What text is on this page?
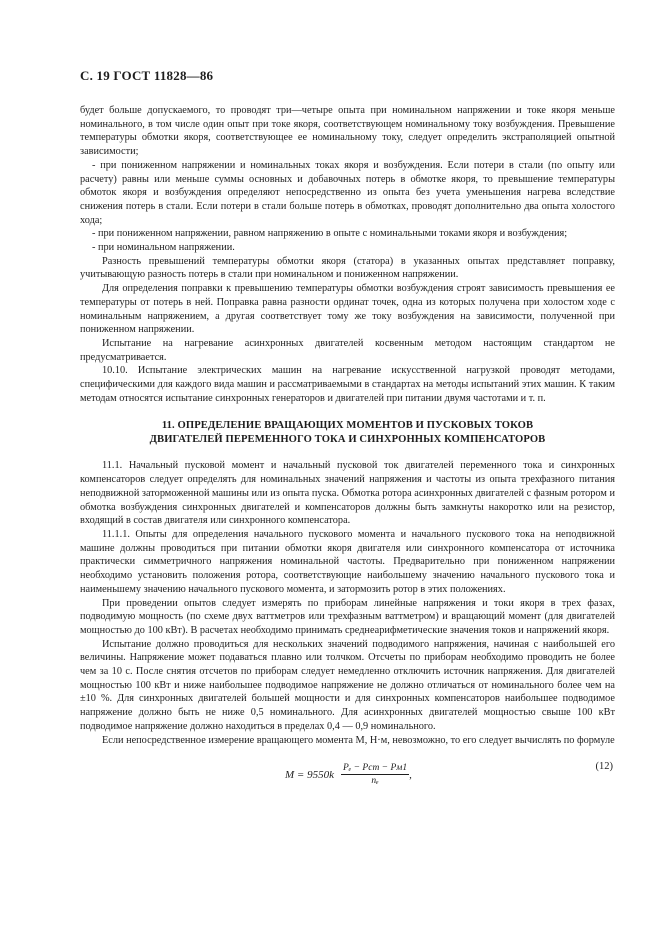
С. 19 ГОСТ 11828—86

будет больше допускаемого, то проводят три—четыре опыта при номинальном напряжении и токе якоря меньше номинального, в том числе один опыт при токе якоря, соответствующем номинальному току возбуждения. Превышение температуры обмотки якоря, соответствующее ее номинальному току, следует определить экстраполяцией опытной зависимости;

- при пониженном напряжении и номинальных токах якоря и возбуждения. Если потери в стали (по опыту или расчету) равны или меньше суммы основных и добавочных потерь в обмотке якоря, то превышение температуры обмоток якоря и возбуждения определяют непосредственно из опыта без учета уменьшения нагрева вследствие снижения потерь в стали. Если потери в стали больше потерь в обмотках, проводят дополнительно два опыта холостого хода;

- при пониженном напряжении, равном напряжению в опыте с номинальными токами якоря и возбуждения;

- при номинальном напряжении.

Разность превышений температуры обмотки якоря (статора) в указанных опытах представляет поправку, учитывающую разность потерь в стали при номинальном и пониженном напряжении.

Для определения поправки к превышению температуры обмотки возбуждения строят зависимость превышения ее температуры от потерь в ней. Поправка равна разности ординат точек, одна из которых получена при холостом ходе с номинальным напряжением, а другая соответствует тому же току возбуждения на зависимости, полученной при пониженном напряжении.

Испытание на нагревание асинхронных двигателей косвенным методом настоящим стандартом не предусматривается.

10.10. Испытание электрических машин на нагревание искусственной нагрузкой проводят методами, специфическими для каждого вида машин и рассматриваемыми в стандартах на методы испытаний этих машин. К таким методам относятся испытание синхронных генераторов и двигателей при питании двумя частотами и т. п.

11. ОПРЕДЕЛЕНИЕ ВРАЩАЮЩИХ МОМЕНТОВ И ПУСКОВЫХ ТОКОВ
ДВИГАТЕЛЕЙ ПЕРЕМЕННОГО ТОКА И СИНХРОННЫХ КОМПЕНСАТОРОВ

11.1. Начальный пусковой момент и начальный пусковой ток двигателей переменного тока и синхронных компенсаторов следует определять для номинальных значений напряжения и частоты из опыта трехфазного питания неподвижной заторможенной машины или из опыта пуска. Обмотка ротора асинхронных двигателей с фазным ротором и обмотка возбуждения синхронных двигателей и компенсаторов должны быть замкнуты накоротко или на резистор, входящий в состав двигателя или синхронного компенсатора.

11.1.1. Опыты для определения начального пускового момента и начального пускового тока на неподвижной машине должны проводиться при питании обмотки якоря двигателя или синхронного компенсатора от источника практически симметричного напряжения номинальной частоты. Предварительно при пониженном напряжении необходимо установить положения ротора, соответствующие наибольшему значению начального пускового тока и наименьшему значению начального пускового момента, и затормозить ротор в этих положениях.

При проведении опытов следует измерять по приборам линейные напряжения и токи якоря в трех фазах, подводимую мощность (по схеме двух ваттметров или трехфазным ваттметром) и вращающий момент (для двигателей мощностью до 100 кВт). В расчетах необходимо принимать среднеарифметические значения токов и напряжений якоря.

Испытание должно проводиться для нескольких значений подводимого напряжения, начиная с наибольшей его величины. Напряжение может подаваться плавно или толчком. Отсчеты по приборам необходимо проводить не более чем за 10 с. После снятия отсчетов по приборам следует немедленно отключить источник напряжения. Для двигателей мощностью 100 кВт и ниже наибольшее подводимое напряжение не должно отличаться от номинального более чем на ±10 %. Для синхронных двигателей большей мощности и для синхронных компенсаторов наибольшее подводимое напряжение должно быть не ниже 0,5 номинального. Для асинхронных двигателей мощностью свыше 100 кВт подводимое напряжение должно находиться в пределах 0,4 — 0,9 номинального.

Если непосредственное измерение вращающего момента M, Н·м, невозможно, то его следует вычислять по формуле

$M = 9550k \frac{\text{Pₑ − Pст − Pм1}}{\text{nₑ}}$ ,
(12)
